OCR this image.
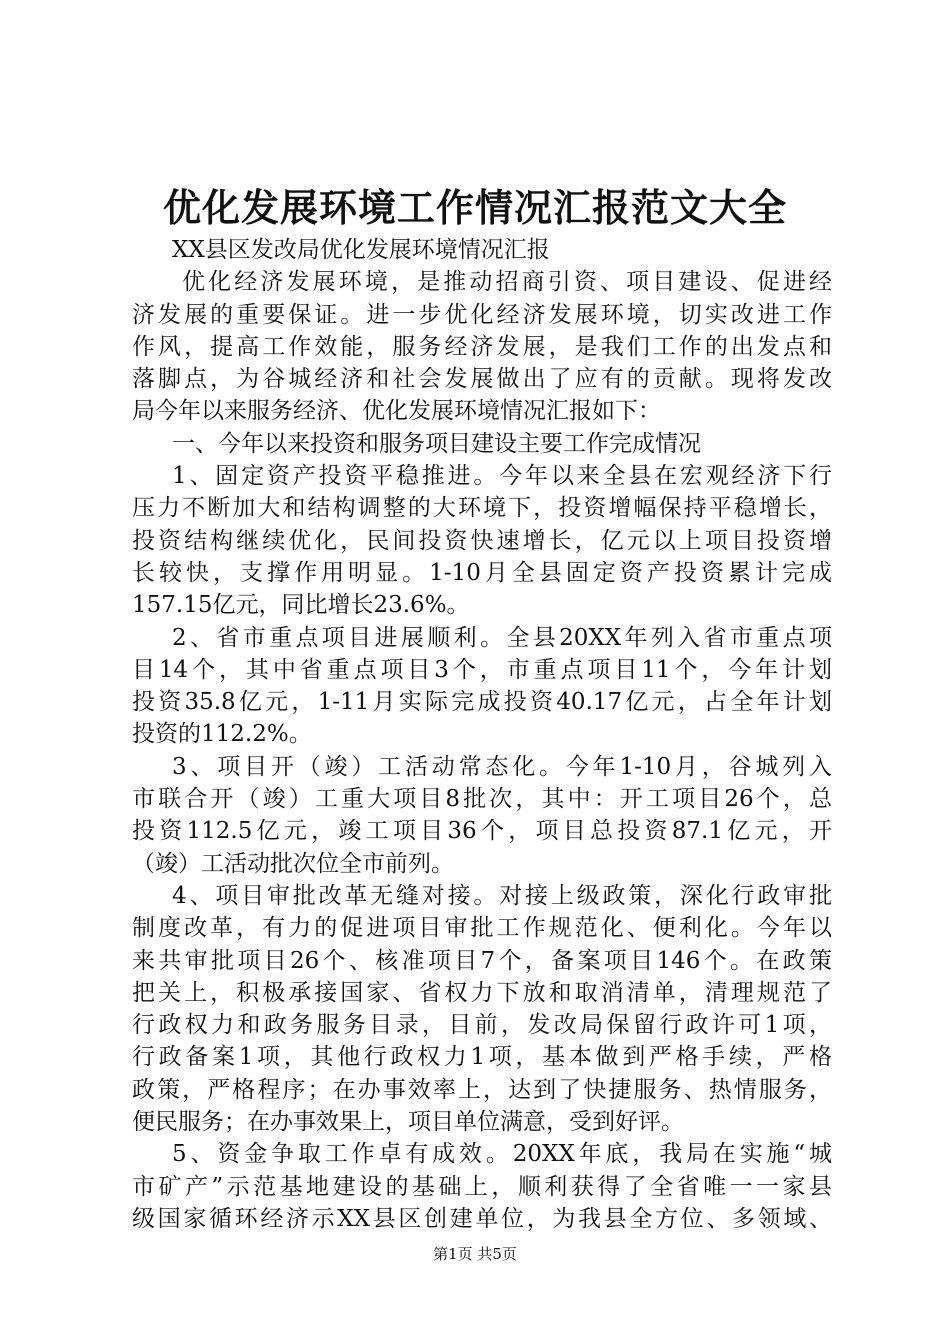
优化发展环境工作情况汇报范文大全
XX县区发改局优化发展环境情况汇报
优化经济发展环境，是推动招商引资、项目建设、促进经
济发展的重要保证。进一步优化经济发展环境，切实改进工作
作风，提高工作效能，服务经济发展，是我们工作的出发点和
落脚点，为谷城经济和社会发展做出了应有的贡献。现将发改
局今年以来服务经济、优化发展环境情况汇报如下：
一、今年以来投资和服务项目建设主要工作完成情况
1、固定资产投资平稳推进。今年以来全县在宏观经济下行
压力不断加大和结构调整的大环境下，投资增幅保持平稳增长，
投资结构继续优化，民间投资快速增长，亿元以上项目投资增
长较快，支撑作用明显。1-10月全县固定资产投资累计完成
157.15亿元，同比增长23.6%。
2、省市重点项目进展顺利。全县20XX年列入省市重点项
目14个，其中省重点项目3个，市重点项目11个，今年计划
投资35.8亿元，1-11月实际完成投资40.17亿元，占全年计划
投资的112.2%。
3、项目开（竣）工活动常态化。今年1-10月，谷城列入
市联合开（竣）工重大项目8批次，其中：开工项目26个，总
投资112.5亿元，竣工项目36个，项目总投资87.1亿元，开
（竣）工活动批次位全市前列。
4、项目审批改革无缝对接。对接上级政策，深化行政审批
制度改革，有力的促进项目审批工作规范化、便利化。今年以
来共审批项目26个、核准项目7个，备案项目146个。在政策
把关上，积极承接国家、省权力下放和取消清单，清理规范了
行政权力和政务服务目录，目前，发改局保留行政许可1项，
行政备案1项，其他行政权力1项，基本做到严格手续，严格
政策，严格程序；在办事效率上，达到了快捷服务、热情服务，
便民服务；在办事效果上，项目单位满意，受到好评。
5、资金争取工作卓有成效。20XX年底，我局在实施“城
市矿产”示范基地建设的基础上，顺利获得了全省唯一一家县
级国家循环经济示XX县区创建单位，为我县全方位、多领域、
第1页 共5页
